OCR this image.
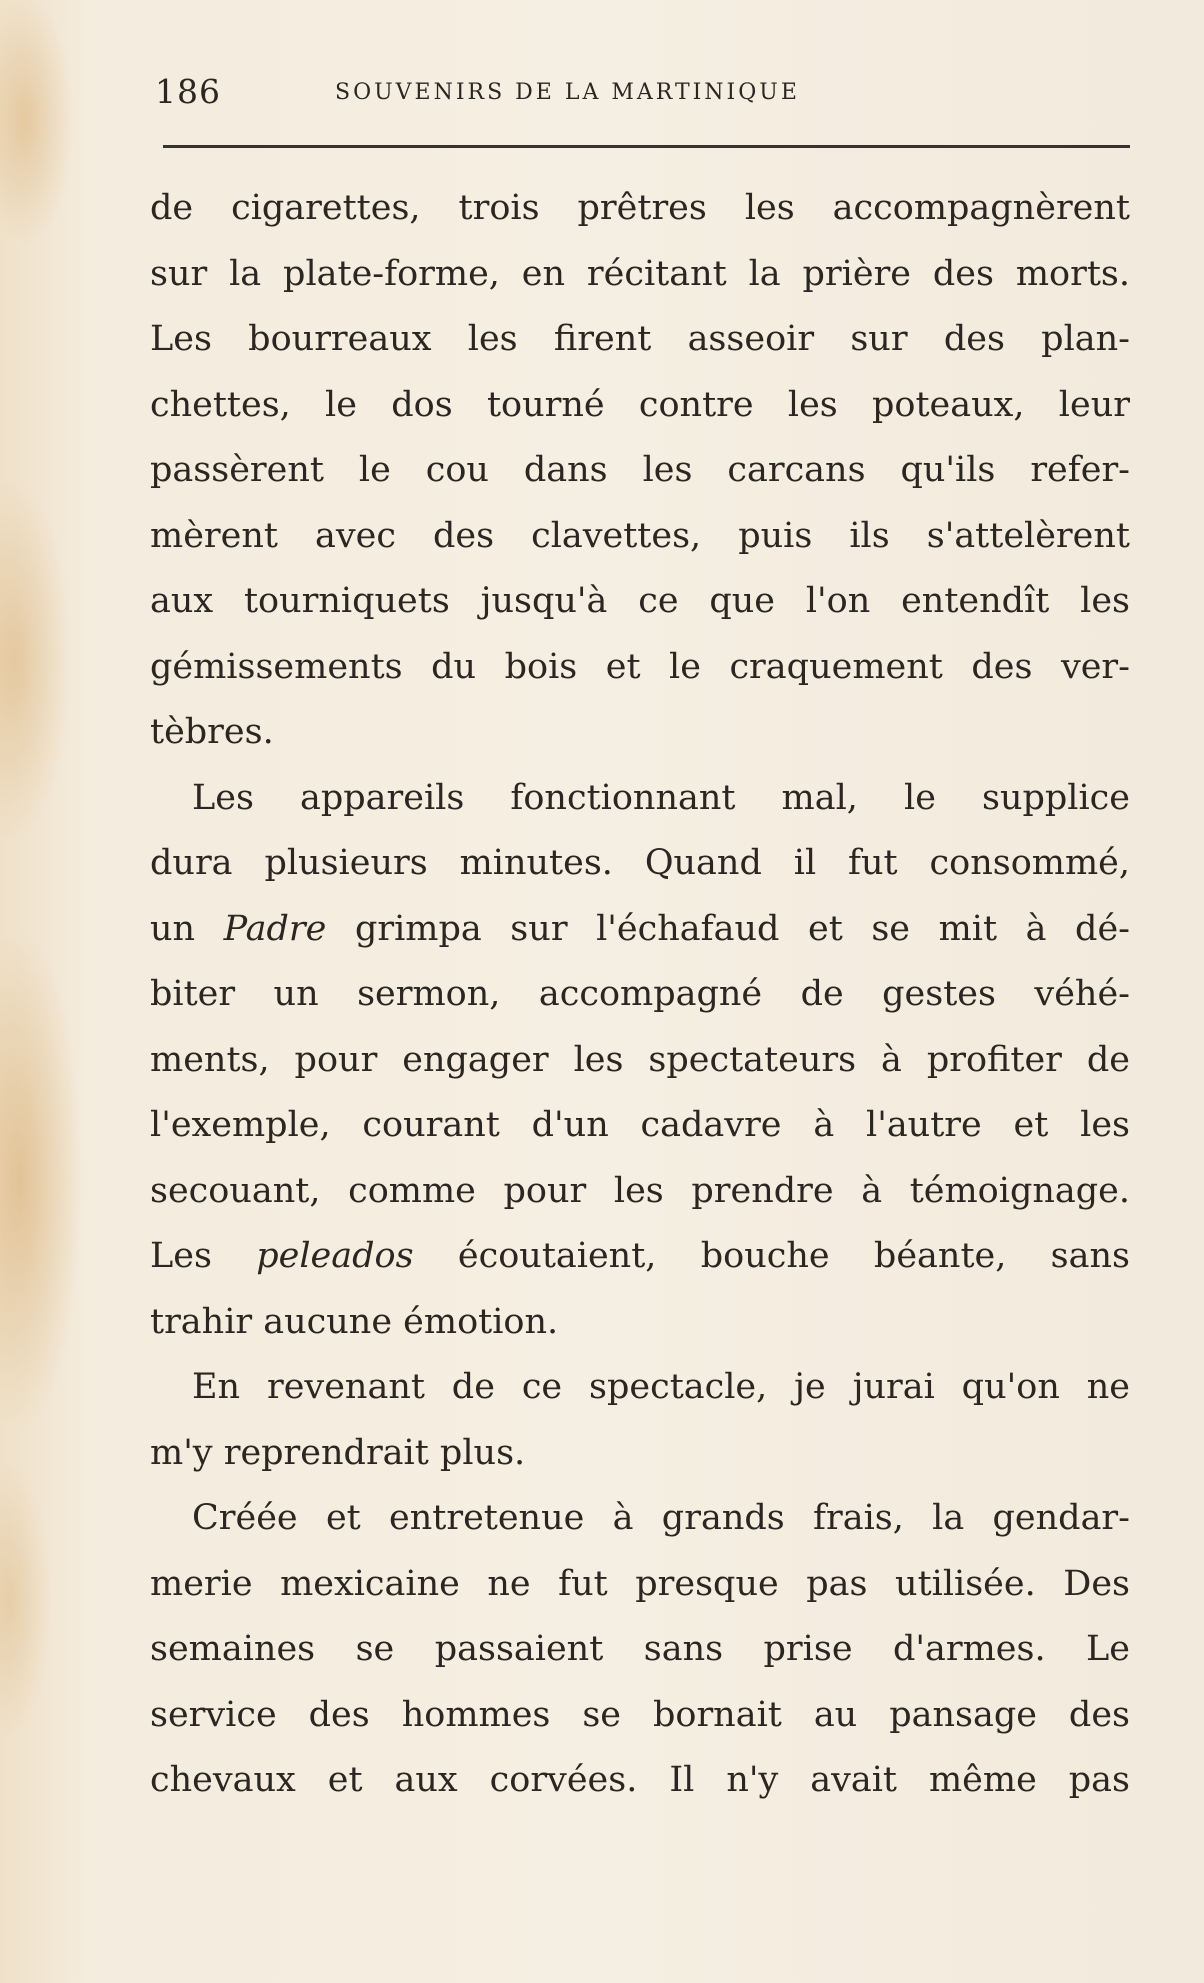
186	SOUVENIRS DE LA MARTINIQUE
de cigarettes, trois prêtres les accompagnèrent
sur la plate-forme, en récitant la prière des morts.
Les bourreaux les firent asseoir sur des plan-
chettes, le dos tourné contre les poteaux, leur
passèrent le cou dans les carcans qu'ils refer-
mèrent avec des clavettes, puis ils s'attelèrent
aux tourniquets jusqu'à ce que l'on entendît les
gémissements du bois et le craquement des ver-
tèbres.
Les appareils fonctionnant mal, le supplice
dura plusieurs minutes. Quand il fut consommé,
un Padre grimpa sur l'échafaud et se mit à dé-
biter un sermon, accompagné de gestes véhé-
ments, pour engager les spectateurs à profiter de
l'exemple, courant d'un cadavre à l'autre et les
secouant, comme pour les prendre à témoignage.
Les peleados écoutaient, bouche béante, sans
trahir aucune émotion.
En revenant de ce spectacle, je jurai qu'on ne
m'y reprendrait plus.
Créée et entretenue à grands frais, la gendar-
merie mexicaine ne fut presque pas utilisée. Des
semaines se passaient sans prise d'armes. Le
service des hommes se bornait au pansage des
chevaux et aux corvées. Il n'y avait même pas
